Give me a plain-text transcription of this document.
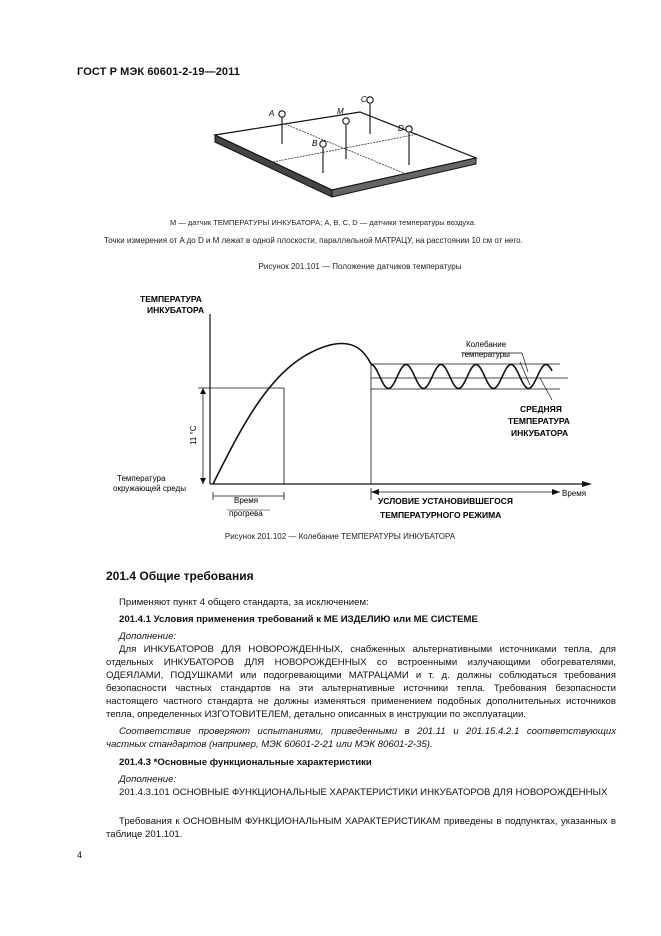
ГОСТ Р МЭК 60601-2-19—2011
A	M
C
B
D
M — датчик ТЕМПЕРАТУРЫ ИНКУБАТОРА; A, B, C, D — датчики температуры воздуха.
Точки измерения от A до D и M лежат в одной плоскости, параллельной МАТРАЦУ, на расстоянии 10 см от него.
Рисунок 201.101 — Положение датчиков температуры
ТЕМПЕРАТУРА
ИНКУБАТОРА
Колебание
температуры
СРЕДНЯЯ
ТЕМПЕРАТУРА
ИНКУБАТОРА
11 °C
Температура
окружающей среды
Время
прогрева
УСЛОВИЕ УСТАНОВИВШЕГОСЯ
ТЕМПЕРАТУРНОГО РЕЖИМА
Время
Рисунок 201.102 — Колебание ТЕМПЕРАТУРЫ ИНКУБАТОРА
201.4 Общие требования
Применяют пункт 4 общего стандарта, за исключением:
201.4.1 Условия применения требований к МЕ ИЗДЕЛИЮ или МЕ СИСТЕМЕ
Дополнение:
Для ИНКУБАТОРОВ ДЛЯ НОВОРОЖДЕННЫХ, снабженных альтернативными источниками тепла, для отдельных ИНКУБАТОРОВ ДЛЯ НОВОРОЖДЕННЫХ со встроенными излучающими обогревателями, ОДЕЯЛАМИ, ПОДУШКАМИ или подогревающими МАТРАЦАМИ и т. д. должны соблюдаться требования безопасности частных стандартов на эти альтернативные источники тепла. Требования безопасности настоящего частного стандарта не должны изменяться применением подобных дополнительных источников тепла, определенных ИЗГОТОВИТЕЛЕМ, детально описанных в инструкции по эксплуатации.
Соответствие проверяют испытаниями, приведенными в 201.11 и 201.15.4.2.1 соответствующих частных стандартов (например, МЭК 60601-2-21 или МЭК 80601-2-35).
201.4.3 *Основные функциональные характеристики
Дополнение:
201.4.3.101 ОСНОВНЫЕ ФУНКЦИОНАЛЬНЫЕ ХАРАКТЕРИСТИКИ ИНКУБАТОРОВ ДЛЯ НОВОРОЖДЕННЫХ
Требования к ОСНОВНЫМ ФУНКЦИОНАЛЬНЫМ ХАРАКТЕРИСТИКАМ приведены в подпунктах, указанных в таблице 201.101.
4
